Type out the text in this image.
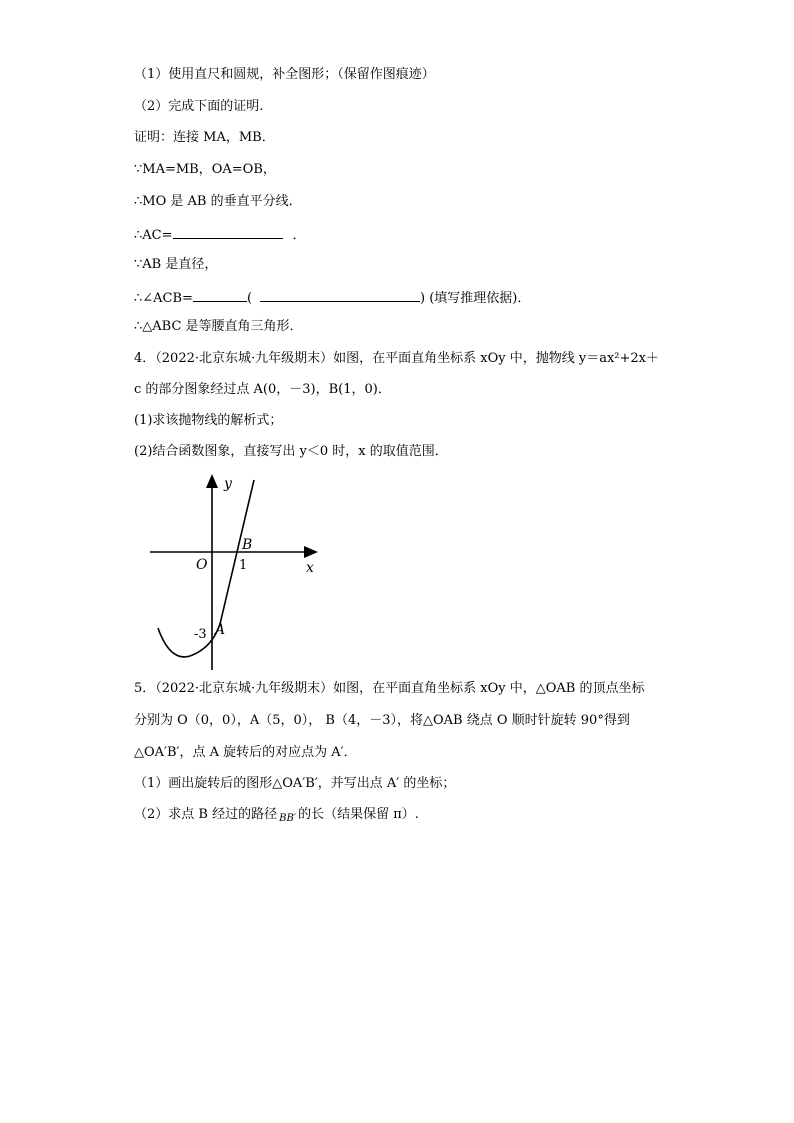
（1）使用直尺和圆规，补全图形；（保留作图痕迹）
（2）完成下面的证明.
证明：连接 MA，MB．
∵MA=MB，OA=OB，
∴MO 是 AB 的垂直平分线．
∴AC=	．
∵AB 是直径，
∴∠ACB=	(	) (填写推理依据)．
∴△ABC 是等腰直角三角形．
4．（2022·北京东城·九年级期末）如图，在平面直角坐标系 xOy 中，抛物线 y＝ax²+2x＋
c 的部分图象经过点 A(0，－3)，B(1，0)．
(1)求该抛物线的解析式；
(2)结合函数图象，直接写出 y＜0 时，x 的取值范围．
y
x
O
B
1
-3 A
5．（2022·北京东城·九年级期末）如图，在平面直角坐标系 xOy 中，△OAB 的顶点坐标
分别为 O（0，0），A（5，0）， B（4，－3），将△OAB 绕点 O 顺时针旋转 90°得到
△OA′B′，点 A 旋转后的对应点为 A′．
（1）画出旋转后的图形△OA′B′，并写出点 A′ 的坐标；
（2）求点 B 经过的路径 $_{BB'}$ 的长（结果保留 π）.
